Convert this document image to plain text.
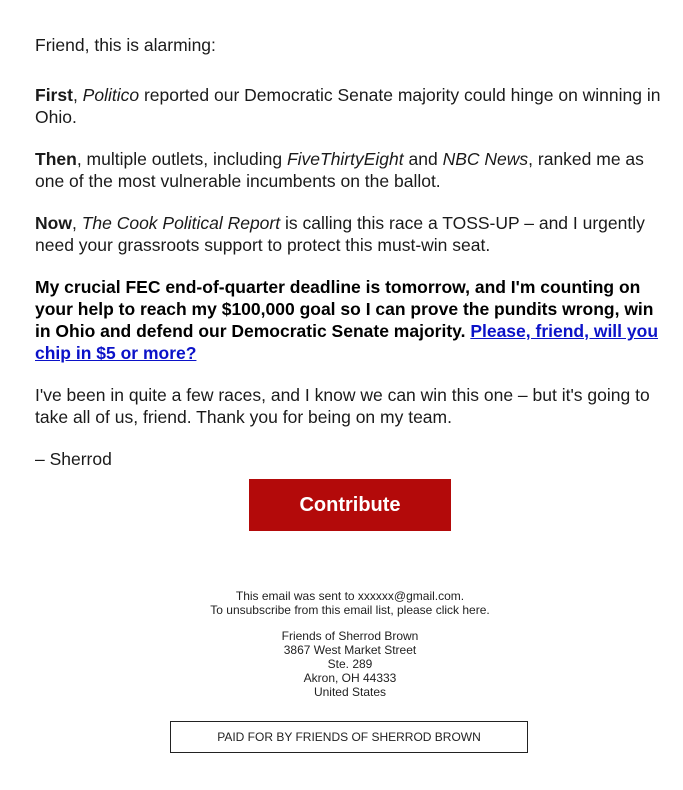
Friend, this is alarming:

First, Politico reported our Democratic Senate majority could hinge on winning in Ohio.

Then, multiple outlets, including FiveThirtyEight and NBC News, ranked me as one of the most vulnerable incumbents on the ballot.

Now, The Cook Political Report is calling this race a TOSS-UP – and I urgently need your grassroots support to protect this must-win seat.

My crucial FEC end-of-quarter deadline is tomorrow, and I'm counting on your help to reach my $100,000 goal so I can prove the pundits wrong, win in Ohio and defend our Democratic Senate majority. Please, friend, will you chip in $5 or more?

I've been in quite a few races, and I know we can win this one – but it's going to take all of us, friend. Thank you for being on my team.

– Sherrod

Contribute
This email was sent to xxxxxx@gmail.com.
To unsubscribe from this email list, please click here.
Friends of Sherrod Brown
3867 West Market Street
Ste. 289
Akron, OH 44333
United States
PAID FOR BY FRIENDS OF SHERROD BROWN
